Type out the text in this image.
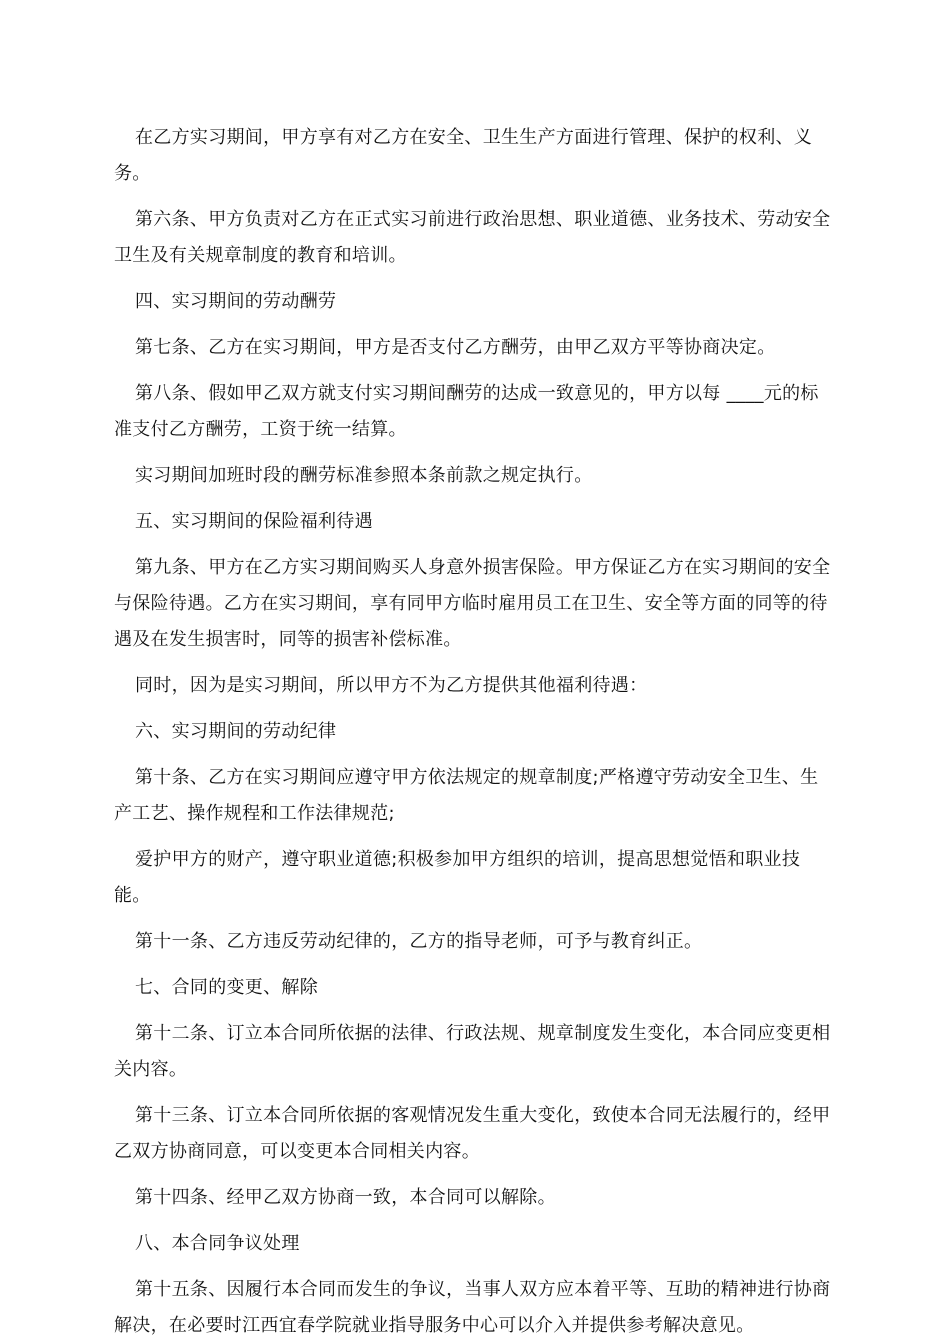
在乙方实习期间，甲方享有对乙方在安全、卫生生产方面进行管理、保护的权利、义务。

第六条、甲方负责对乙方在正式实习前进行政治思想、职业道德、业务技术、劳动安全卫生及有关规章制度的教育和培训。

四、实习期间的劳动酬劳

第七条、乙方在实习期间，甲方是否支付乙方酬劳，由甲乙双方平等协商决定。

第八条、假如甲乙双方就支付实习期间酬劳的达成一致意见的，甲方以每 ____元的标准支付乙方酬劳，工资于统一结算。

实习期间加班时段的酬劳标准参照本条前款之规定执行。

五、实习期间的保险福利待遇

第九条、甲方在乙方实习期间购买人身意外损害保险。甲方保证乙方在实习期间的安全与保险待遇。乙方在实习期间，享有同甲方临时雇用员工在卫生、安全等方面的同等的待遇及在发生损害时，同等的损害补偿标准。

同时，因为是实习期间，所以甲方不为乙方提供其他福利待遇：

六、实习期间的劳动纪律

第十条、乙方在实习期间应遵守甲方依法规定的规章制度;严格遵守劳动安全卫生、生产工艺、操作规程和工作法律规范;

爱护甲方的财产，遵守职业道德;积极参加甲方组织的培训，提高思想觉悟和职业技能。

第十一条、乙方违反劳动纪律的，乙方的指导老师，可予与教育纠正。

七、合同的变更、解除

第十二条、订立本合同所依据的法律、行政法规、规章制度发生变化，本合同应变更相关内容。

第十三条、订立本合同所依据的客观情况发生重大变化，致使本合同无法履行的，经甲乙双方协商同意，可以变更本合同相关内容。

第十四条、经甲乙双方协商一致，本合同可以解除。

八、本合同争议处理

第十五条、因履行本合同而发生的争议，当事人双方应本着平等、互助的精神进行协商解决，在必要时江西宜春学院就业指导服务中心可以介入并提供参考解决意见。
